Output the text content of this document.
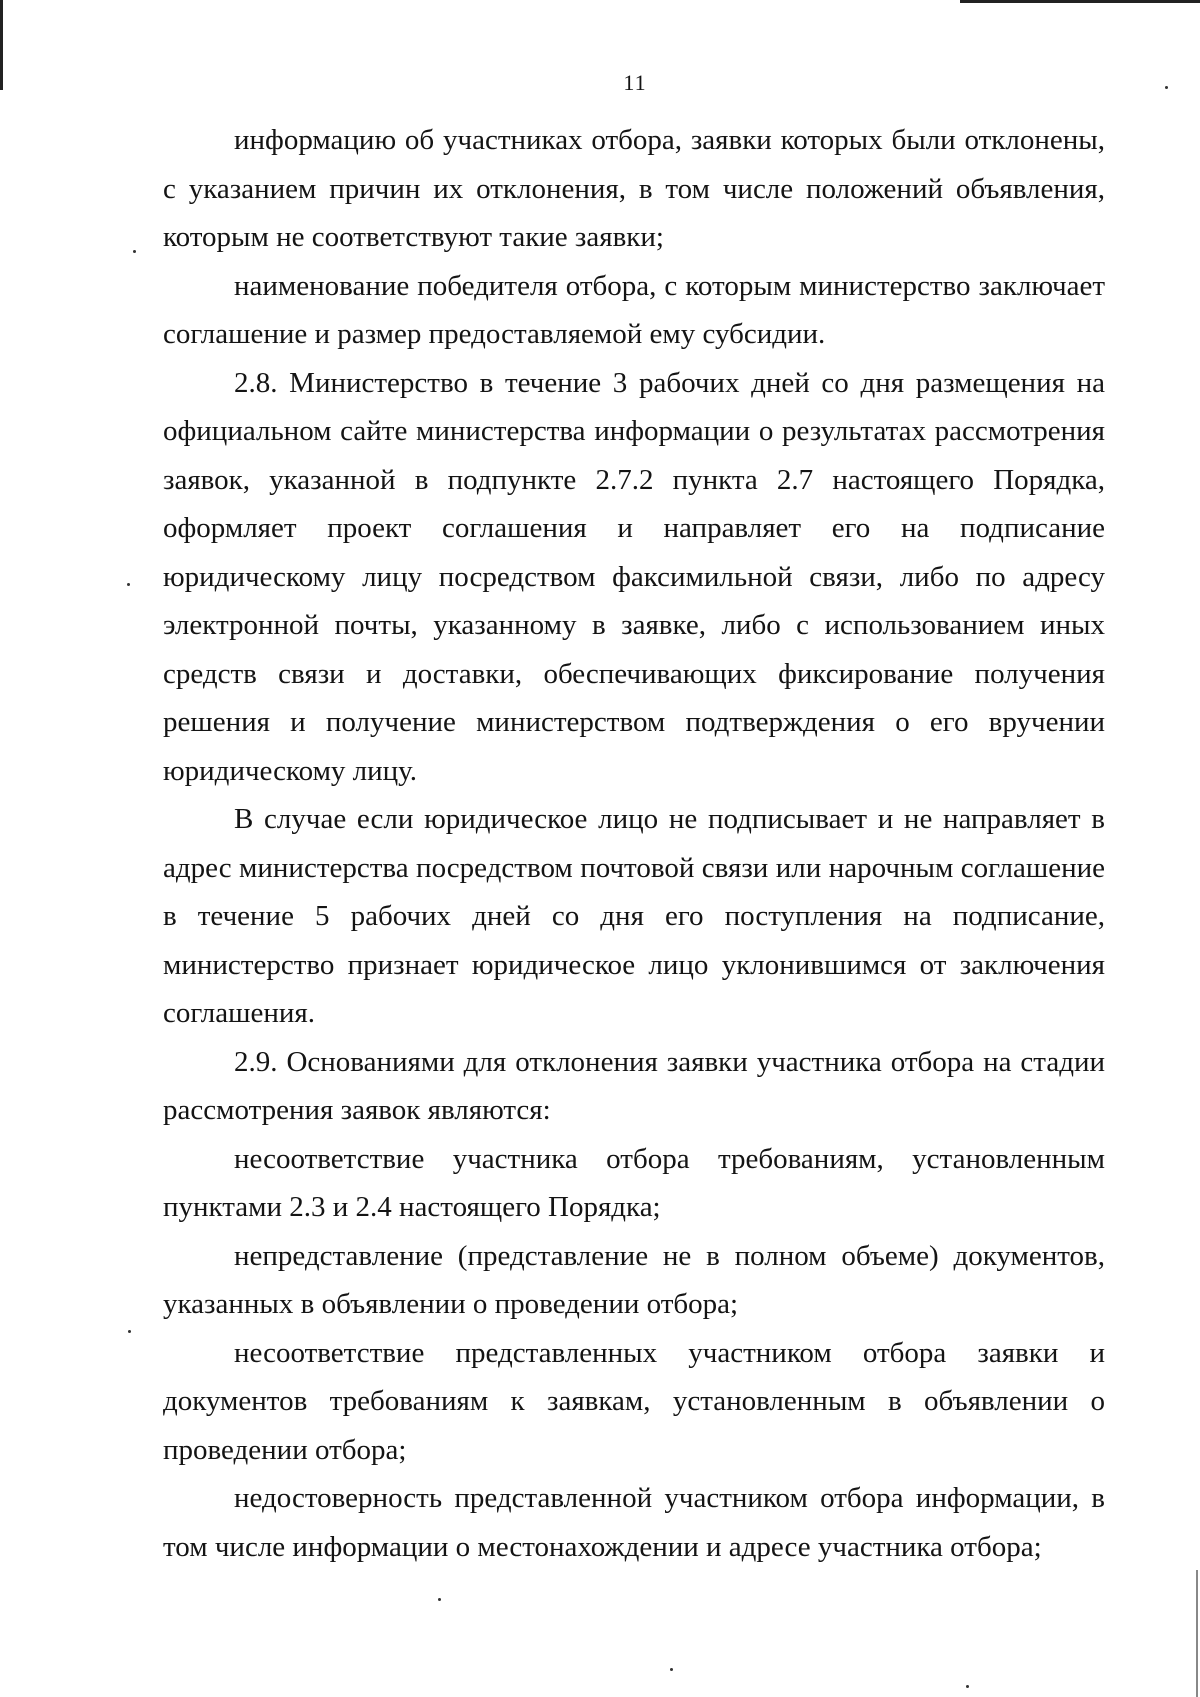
11

информацию об участниках отбора, заявки которых были отклонены, с указанием причин их отклонения, в том числе положений объявления, которым не соответствуют такие заявки;

наименование победителя отбора, с которым министерство заключает соглашение и размер предоставляемой ему субсидии.

2.8. Министерство в течение 3 рабочих дней со дня размещения на официальном сайте министерства информации о результатах рассмотрения заявок, указанной в подпункте 2.7.2 пункта 2.7 настоящего Порядка, оформляет проект соглашения и направляет его на подписание юридическому лицу посредством факсимильной связи, либо по адресу электронной почты, указанному в заявке, либо с использованием иных средств связи и доставки, обеспечивающих фиксирование получения решения и получение министерством подтверждения о его вручении юридическому лицу.

В случае если юридическое лицо не подписывает и не направляет в адрес министерства посредством почтовой связи или нарочным соглашение в течение 5 рабочих дней со дня его поступления на подписание, министерство признает юридическое лицо уклонившимся от заключения соглашения.

2.9. Основаниями для отклонения заявки участника отбора на стадии рассмотрения заявок являются:

несоответствие участника отбора требованиям, установленным пунктами 2.3 и 2.4 настоящего Порядка;

непредставление (представление не в полном объеме) документов, указанных в объявлении о проведении отбора;

несоответствие представленных участником отбора заявки и документов требованиям к заявкам, установленным в объявлении о проведении отбора;

недостоверность представленной участником отбора информации, в том числе информации о местонахождении и адресе участника отбора;
